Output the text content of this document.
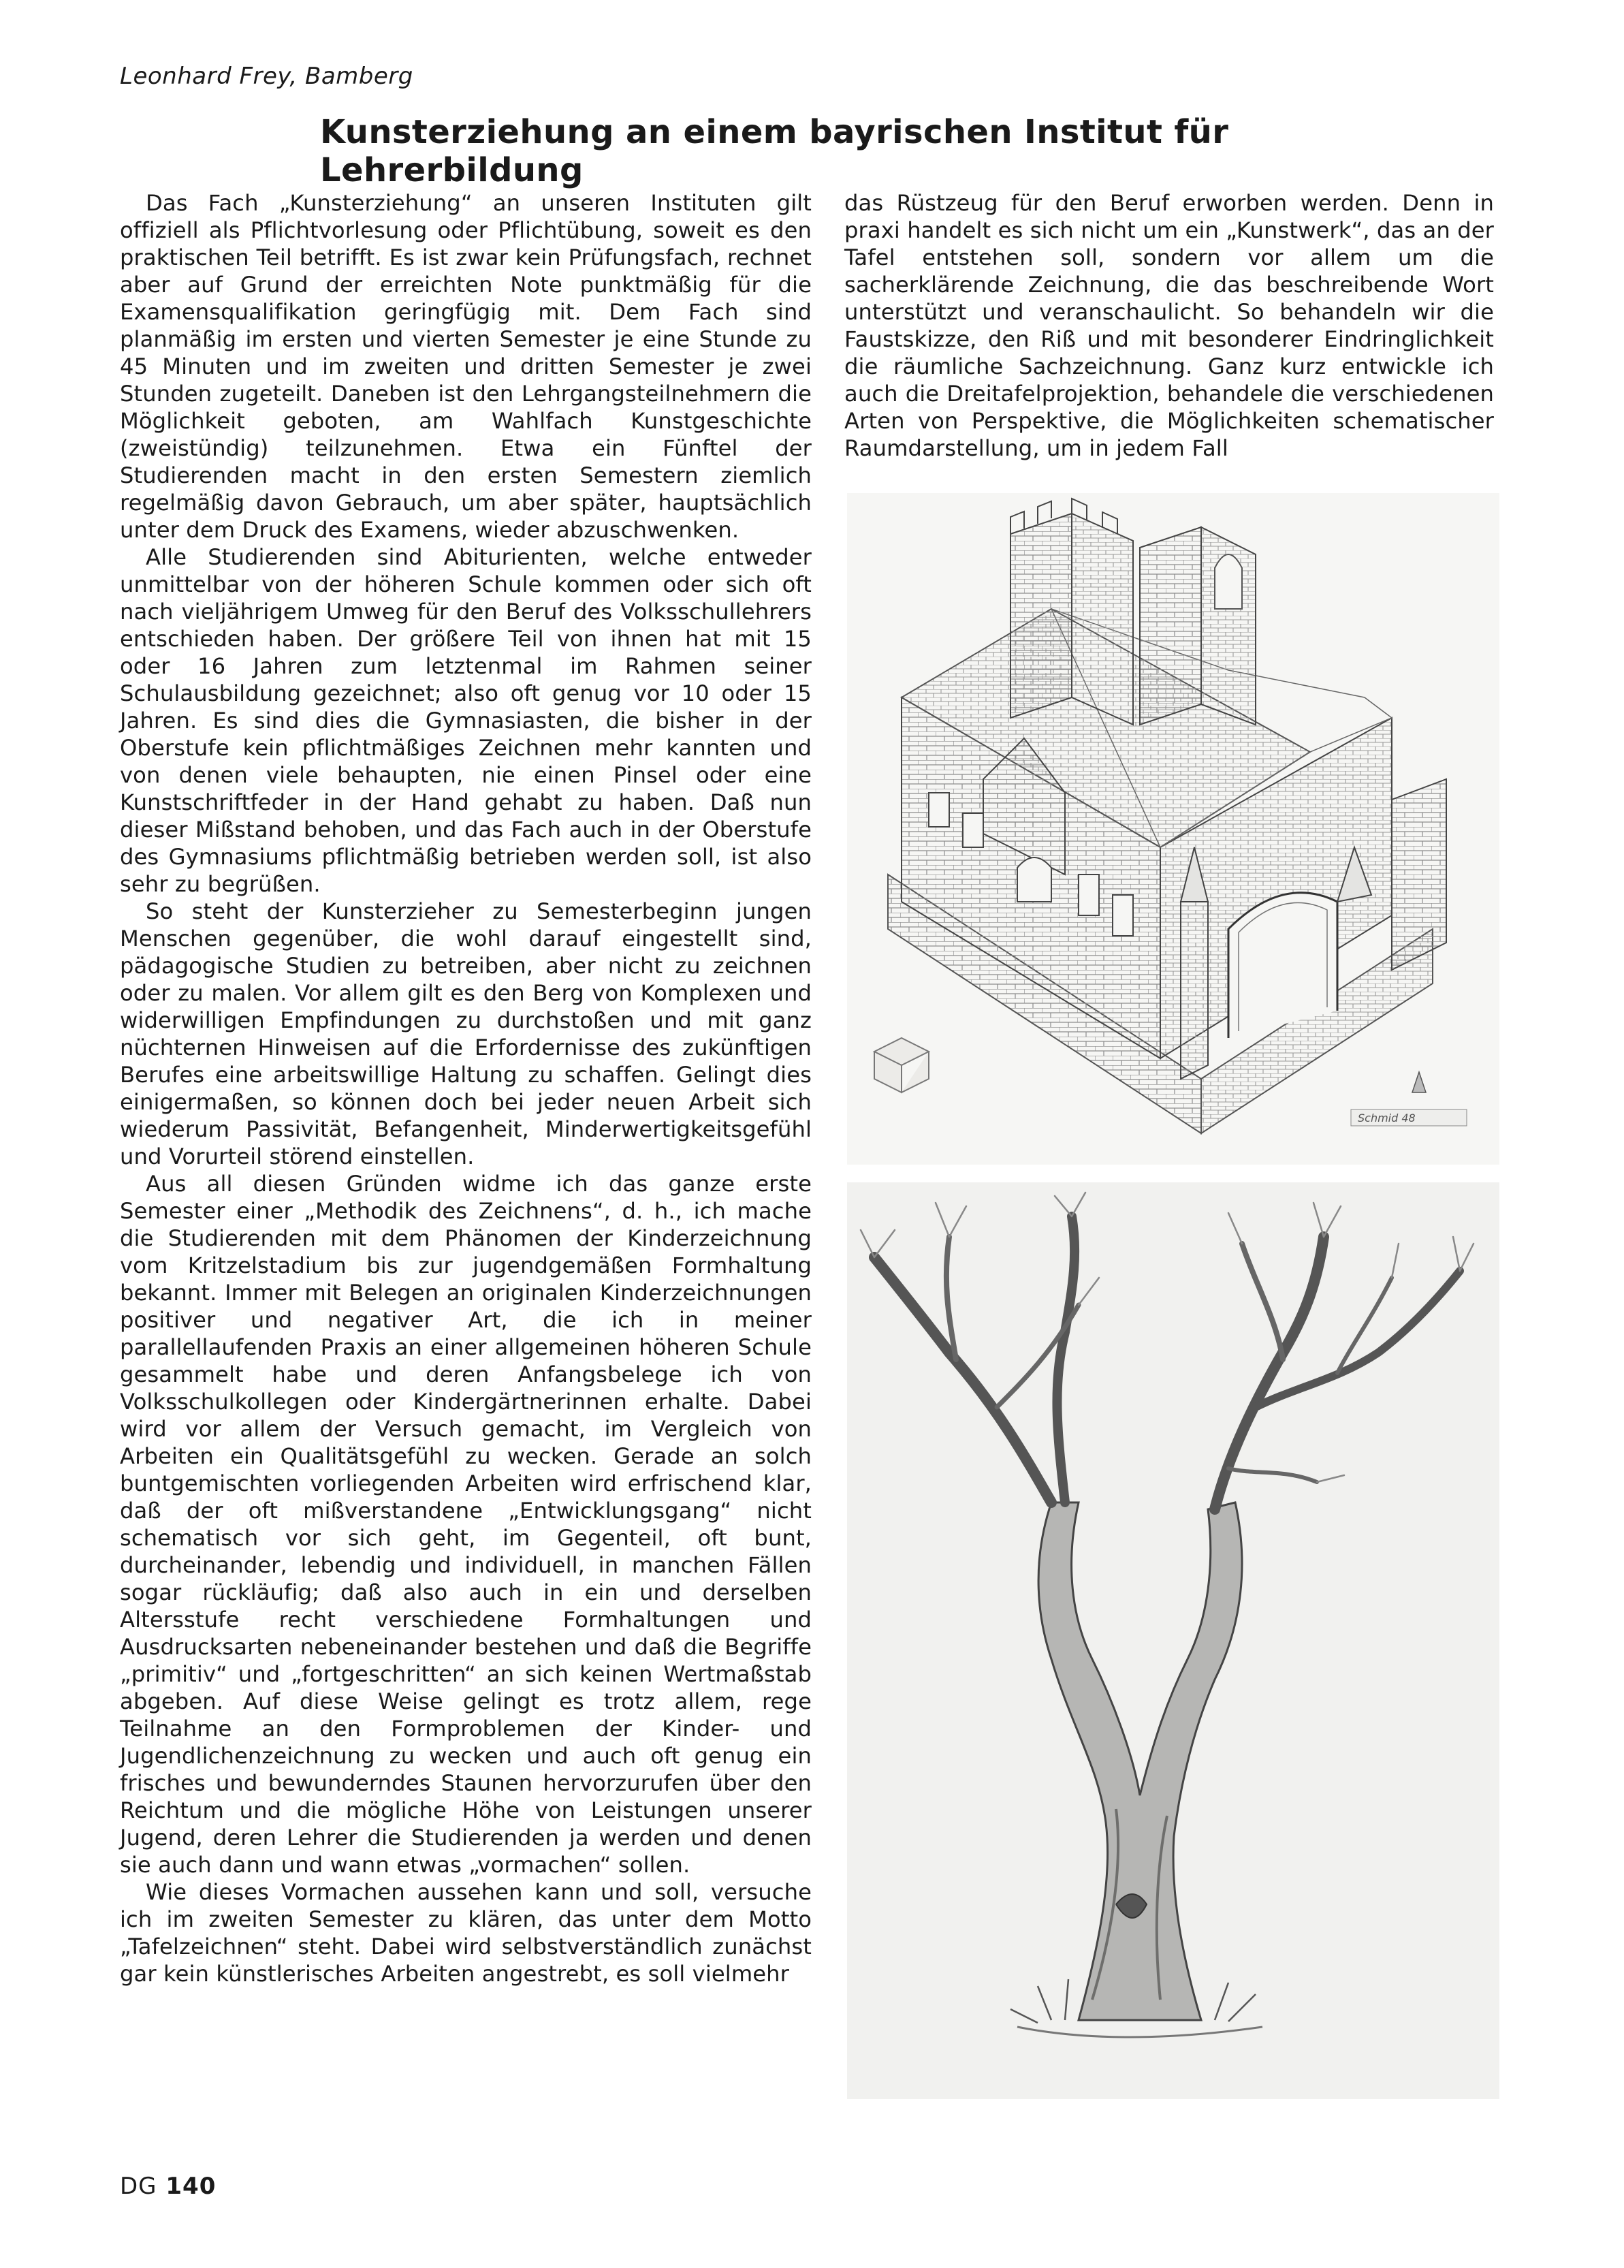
Leonhard Frey, Bamberg
Kunsterziehung an einem bayrischen Institut für Lehrerbildung

Das Fach „Kunsterziehung“ an unseren Instituten gilt offiziell als Pflichtvorlesung oder Pflichtübung, soweit es den praktischen Teil betrifft. Es ist zwar kein Prüfungsfach, rechnet aber auf Grund der erreichten Note punktmäßig für die Examensqualifikation geringfügig mit. Dem Fach sind planmäßig im ersten und vierten Semester je eine Stunde zu 45 Minuten und im zweiten und dritten Semester je zwei Stunden zugeteilt. Daneben ist den Lehrgangsteilnehmern die Möglichkeit geboten, am Wahlfach Kunstgeschichte (zweistündig) teilzunehmen. Etwa ein Fünftel der Studierenden macht in den ersten Semestern ziemlich regelmäßig davon Gebrauch, um aber später, hauptsächlich unter dem Druck des Examens, wieder abzuschwenken.

Alle Studierenden sind Abiturienten, welche entweder unmittelbar von der höheren Schule kommen oder sich oft nach vieljährigem Umweg für den Beruf des Volksschullehrers entschieden haben. Der größere Teil von ihnen hat mit 15 oder 16 Jahren zum letztenmal im Rahmen seiner Schulausbildung gezeichnet; also oft genug vor 10 oder 15 Jahren. Es sind dies die Gymnasiasten, die bisher in der Oberstufe kein pflichtmäßiges Zeichnen mehr kannten und von denen viele behaupten, nie einen Pinsel oder eine Kunstschriftfeder in der Hand gehabt zu haben. Daß nun dieser Mißstand behoben, und das Fach auch in der Oberstufe des Gymnasiums pflichtmäßig betrieben werden soll, ist also sehr zu begrüßen.

So steht der Kunsterzieher zu Semesterbeginn jungen Menschen gegenüber, die wohl darauf eingestellt sind, pädagogische Studien zu betreiben, aber nicht zu zeichnen oder zu malen. Vor allem gilt es den Berg von Komplexen und widerwilligen Empfindungen zu durchstoßen und mit ganz nüchternen Hinweisen auf die Erfordernisse des zukünftigen Berufes eine arbeitswillige Haltung zu schaffen. Gelingt dies einigermaßen, so können doch bei jeder neuen Arbeit sich wiederum Passivität, Befangenheit, Minderwertigkeitsgefühl und Vorurteil störend einstellen.

Aus all diesen Gründen widme ich das ganze erste Semester einer „Methodik des Zeichnens“, d. h., ich mache die Studierenden mit dem Phänomen der Kinderzeichnung vom Kritzelstadium bis zur jugendgemäßen Formhaltung bekannt. Immer mit Belegen an originalen Kinderzeichnungen positiver und negativer Art, die ich in meiner parallellaufenden Praxis an einer allgemeinen höheren Schule gesammelt habe und deren Anfangsbelege ich von Volksschulkollegen oder Kindergärtnerinnen erhalte. Dabei wird vor allem der Versuch gemacht, im Vergleich von Arbeiten ein Qualitätsgefühl zu wecken. Gerade an solch buntgemischten vorliegenden Arbeiten wird erfrischend klar, daß der oft mißverstandene „Entwicklungsgang“ nicht schematisch vor sich geht, im Gegenteil, oft bunt, durcheinander, lebendig und individuell, in manchen Fällen sogar rückläufig; daß also auch in ein und derselben Altersstufe recht verschiedene Formhaltungen und Ausdrucksarten nebeneinander bestehen und daß die Begriffe „primitiv“ und „fortgeschritten“ an sich keinen Wertmaßstab abgeben. Auf diese Weise gelingt es trotz allem, rege Teilnahme an den Formproblemen der Kinder- und Jugendlichenzeichnung zu wecken und auch oft genug ein frisches und bewunderndes Staunen hervorzurufen über den Reichtum und die mögliche Höhe von Leistungen unserer Jugend, deren Lehrer die Studierenden ja werden und denen sie auch dann und wann etwas „vormachen“ sollen.

Wie dieses Vormachen aussehen kann und soll, versuche ich im zweiten Semester zu klären, das unter dem Motto „Tafelzeichnen“ steht. Dabei wird selbstverständlich zunächst gar kein künstlerisches Arbeiten angestrebt, es soll vielmehr

das Rüstzeug für den Beruf erworben werden. Denn in praxi handelt es sich nicht um ein „Kunstwerk“, das an der Tafel entstehen soll, sondern vor allem um die sacherklärende Zeichnung, die das beschreibende Wort unterstützt und veranschaulicht. So behandeln wir die Faustskizze, den Riß und mit besonderer Eindringlichkeit die räumliche Sachzeichnung. Ganz kurz entwickle ich auch die Dreitafelprojektion, behandele die verschiedenen Arten von Perspektive, die Möglichkeiten schematischer Raumdarstellung, um in jedem Fall

Schmid 48
DG 140
